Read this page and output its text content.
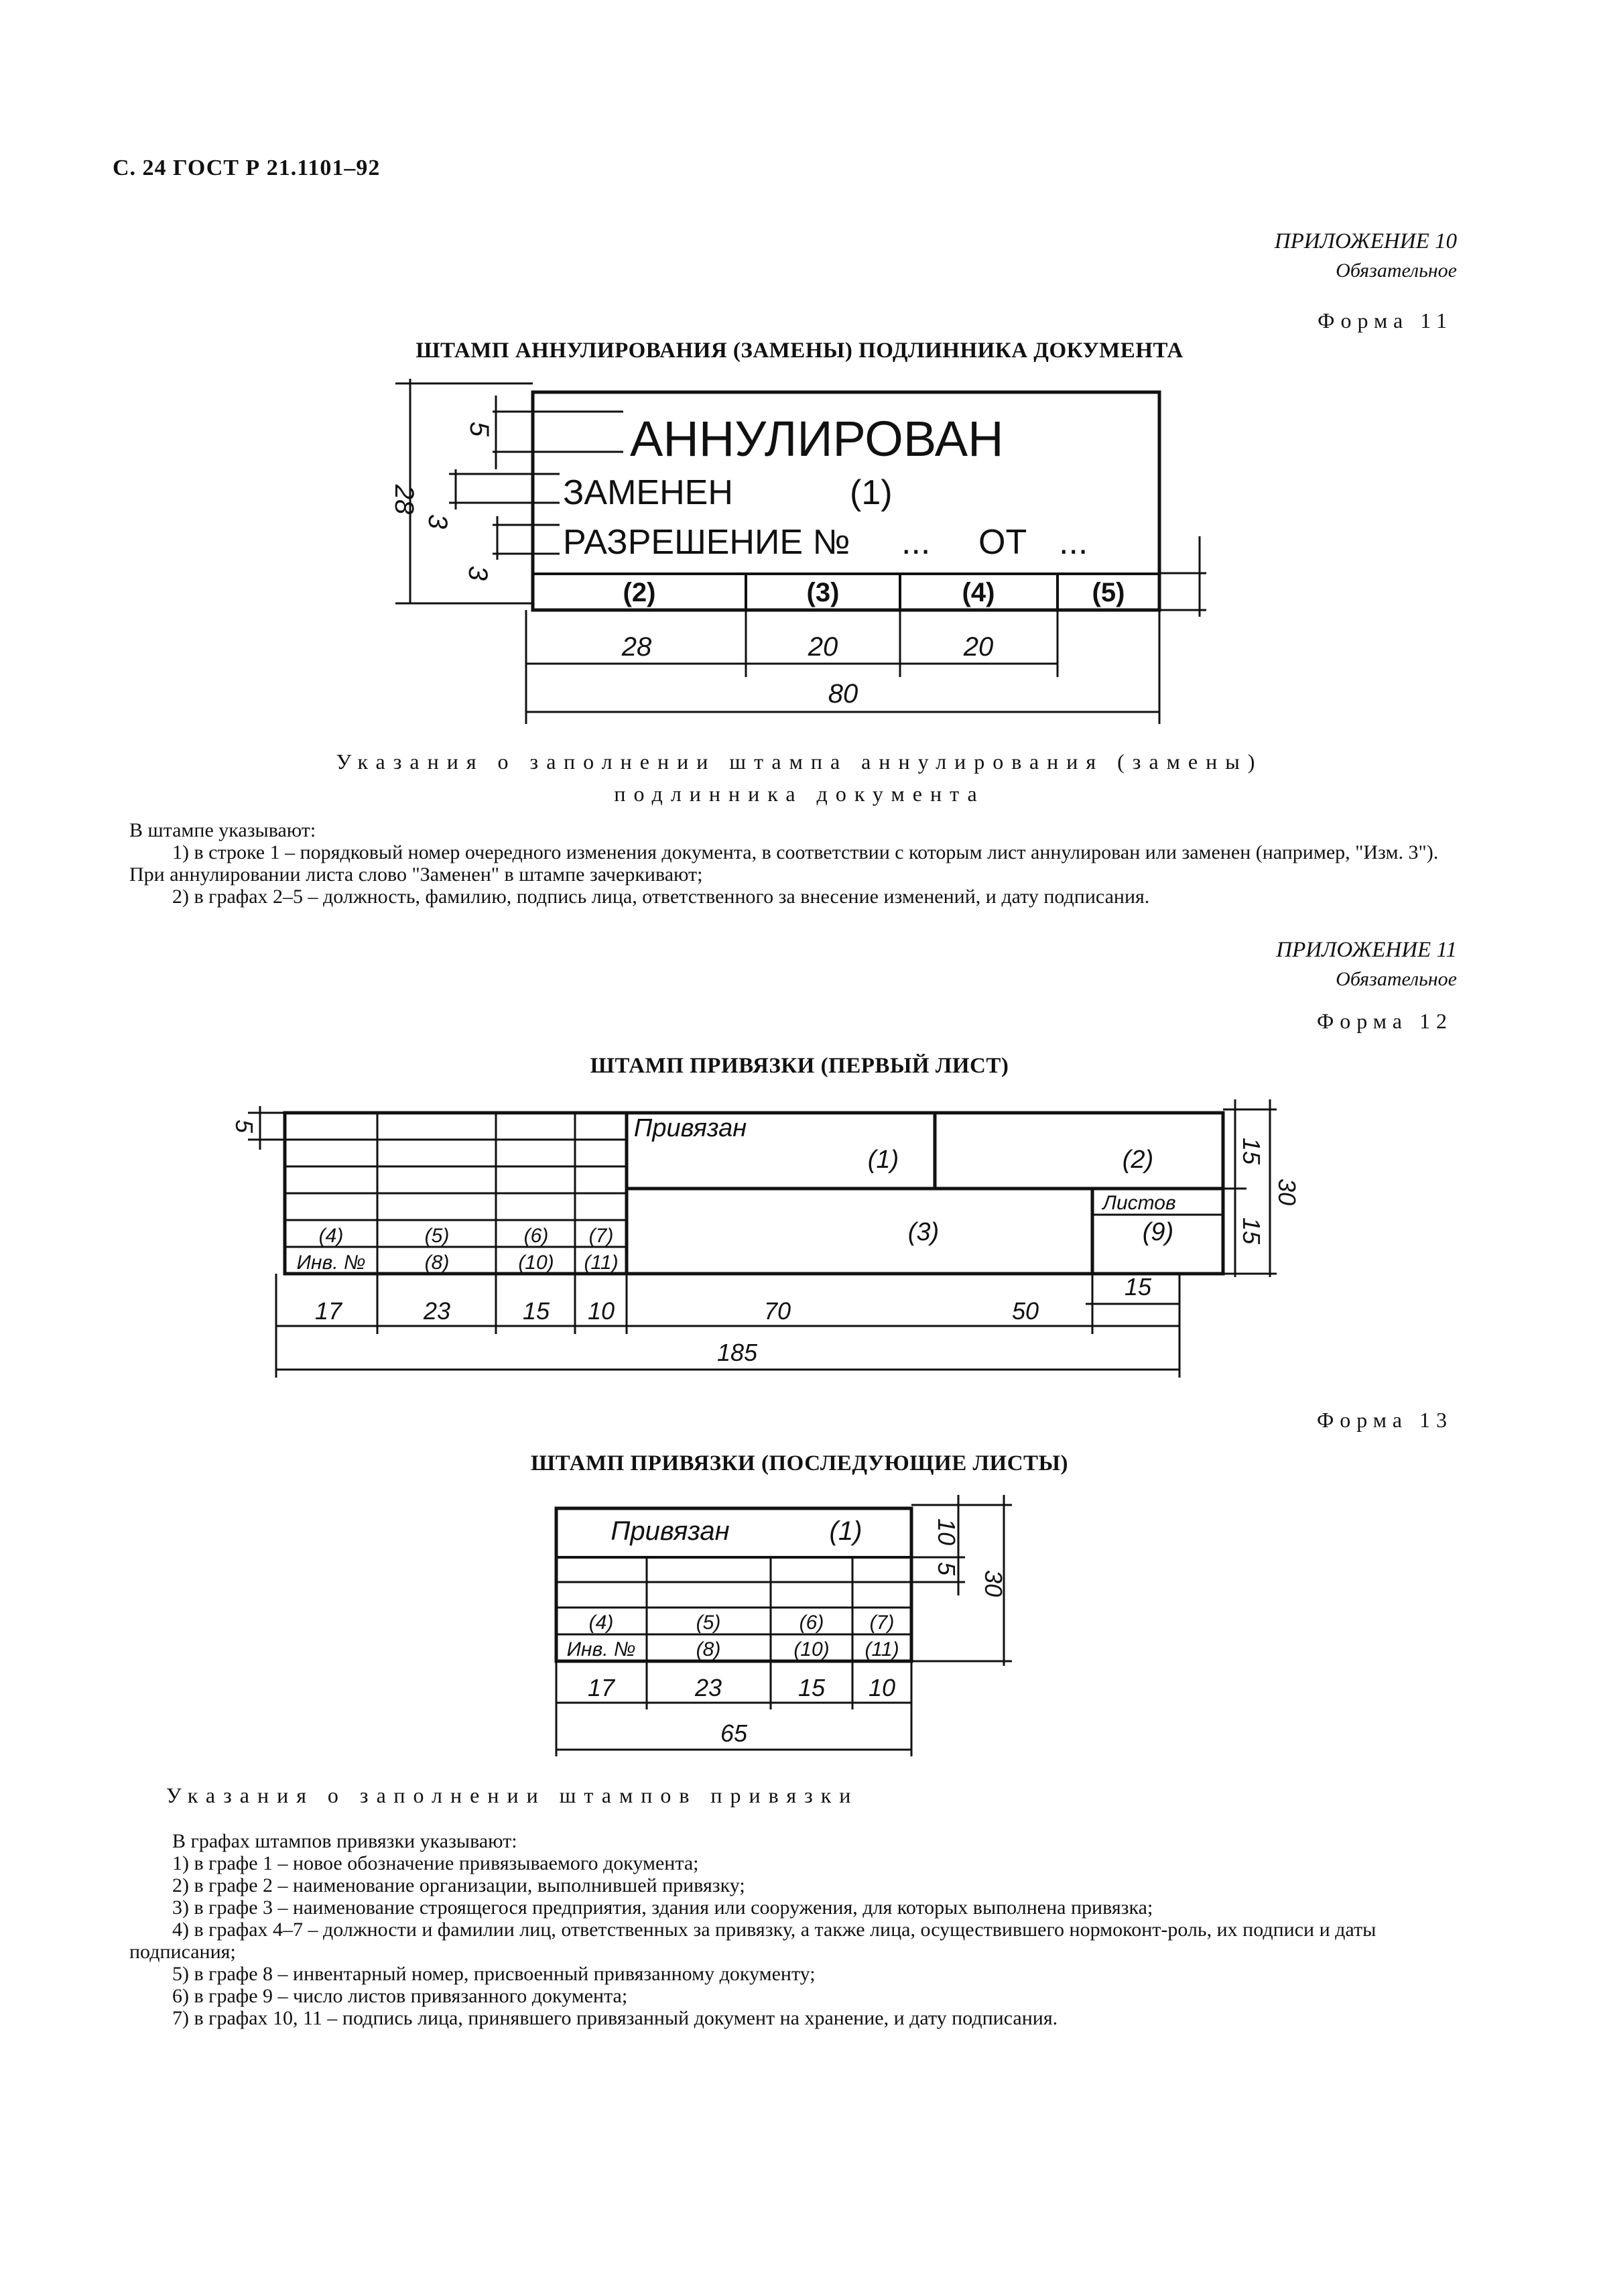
С. 24 ГОСТ Р 21.1101–92
ПРИЛОЖЕНИЕ 10
Обязательное
Форма 11
ШТАМП АННУЛИРОВАНИЯ (ЗАМЕНЫ) ПОДЛИННИКА ДОКУМЕНТА
АННУЛИРОВАН
ЗАМЕНЕН	(1)
РАЗРЕШЕНИЕ № ... ОТ ...
(2)	(3)	(4)	(5)
28	20	20
80
28
5
3
3
Указания о заполнении штампа аннулирования (замены)
подлинника документа

В штампе указывают:

1) в строке 1 – порядковый номер очередного изменения документа, в соответствии с которым лист аннулирован или заменен (например, "Изм. 3"). При аннулировании листа слово "Заменен" в штампе зачеркивают;

2) в графах 2–5 – должность, фамилию, подпись лица, ответственного за внесение изменений, и дату подписания.

ПРИЛОЖЕНИЕ 11
Обязательное
Форма 12
ШТАМП ПРИВЯЗКИ (ПЕРВЫЙ ЛИСТ)
Привязан
(1)	(2)
(3)	(9)
Листов
(4)	(5)	(6) (7)
Инв. №	(8)	(10) (11)
17	23	15 10	70	50
15
185
5
15
15
30
Форма 13
ШТАМП ПРИВЯЗКИ (ПОСЛЕДУЮЩИЕ ЛИСТЫ)
Привязан	(1)
(4)	(5)	(6) (7)
Инв. №	(8)	(10) (11)
17	23	15 10
65
10
5
30
Указания о заполнении штампов привязки

В графах штампов привязки указывают:

1) в графе 1 – новое обозначение привязываемого документа;

2) в графе 2 – наименование организации, выполнившей привязку;

3) в графе 3 – наименование строящегося предприятия, здания или сооружения, для которых выполнена привязка;

4) в графах 4–7 – должности и фамилии лиц, ответственных за привязку, а также лица, осуществившего нормоконт-роль, их подписи и даты подписания;

5) в графе 8 – инвентарный номер, присвоенный привязанному документу;

6) в графе 9 – число листов привязанного документа;

7) в графах 10, 11 – подпись лица, принявшего привязанный документ на хранение, и дату подписания.
